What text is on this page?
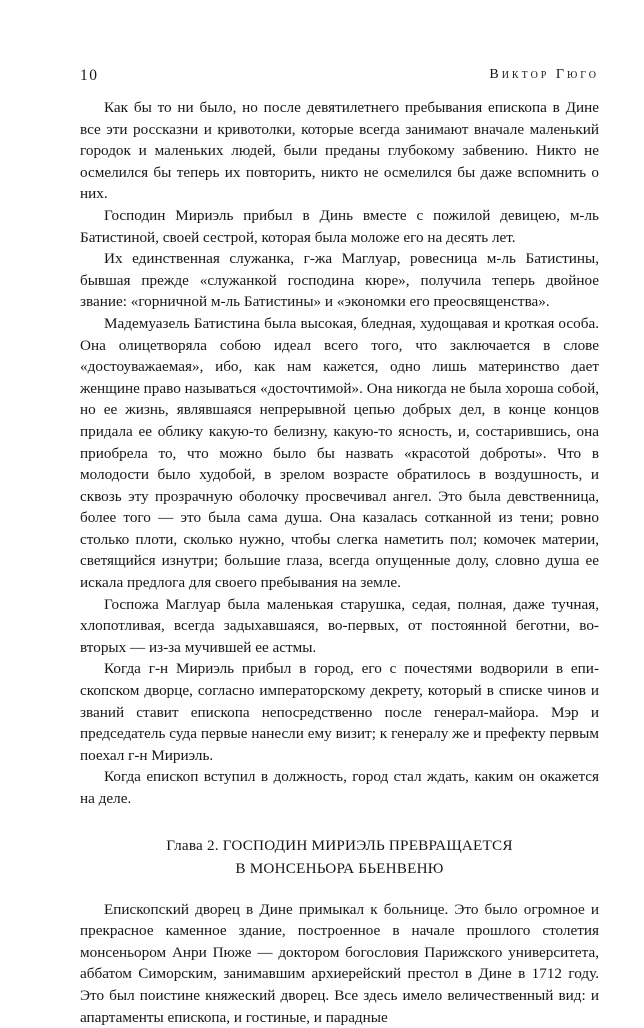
10	Виктор Гюго

Как бы то ни было, но после девятилетнего пребывания епископа в Дине все эти россказни и кривотолки, которые всегда занимают вначале маленький городок и маленьких людей, были преданы глубокому забвению. Никто не осмелился бы теперь их повторить, никто не осмелился бы даже вспомнить о них.

Господин Мириэль прибыл в Динь вместе с пожилой девицею, м-ль Батистиной, своей сестрой, которая была моложе его на десять лет.

Их единственная служанка, г-жа Маглуар, ровесница м-ль Батистины, бывшая прежде «служанкой господина кюре», получила теперь двойное звание: «горничной м-ль Батистины» и «экономки его преосвященства».

Мадемуазель Батистина была высокая, бледная, худощавая и кроткая особа. Она олицетворяла собою идеал всего того, что заключается в слове «достоуважаемая», ибо, как нам кажется, одно лишь материнство дает женщине право называться «досточтимой». Она никогда не была хороша собой, но ее жизнь, являвшаяся непрерывной цепью добрых дел, в конце концов придала ее облику какую-то белизну, какую-то ясность, и, состарившись, она приобрела то, что можно было бы назвать «красотой доброты». Что в молодости было худобой, в зрелом возрасте обратилось в воздушность, и сквозь эту прозрачную оболочку просвечивал ангел. Это была девственница, более того — это была сама душа. Она казалась сотканной из тени; ровно столько плоти, сколько нужно, чтобы слегка наметить пол; комочек материи, светящийся изнутри; большие глаза, всегда опущенные долу, словно душа ее искала предлога для своего пребывания на земле.

Госпожа Маглуар была маленькая старушка, седая, полная, даже тучная, хлопотливая, всегда задыхавшаяся, во-первых, от постоянной беготни, во-вторых — из-за мучившей ее астмы.

Когда г-н Мириэль прибыл в город, его с почестями водворили в епископском дворце, согласно императорскому декрету, который в списке чинов и званий ставит епископа непосредственно после генерал-майора. Мэр и председатель суда первые нанесли ему визит; к генералу же и префекту первым поехал г-н Мириэль.

Когда епископ вступил в должность, город стал ждать, каким он окажется на деле.

Глава 2. ГОСПОДИН МИРИЭЛЬ ПРЕВРАЩАЕТСЯ
В МОНСЕНЬОРА БЬЕНВЕНЮ

Епископский дворец в Дине примыкал к больнице. Это было огромное и прекрасное каменное здание, построенное в начале прошлого столетия монсеньором Анри Пюже — доктором богословия Парижского университета, аббатом Симорским, занимавшим архиерейский престол в Дине в 1712 году. Это был поистине княжеский дворец. Все здесь имело величественный вид: и апартаменты епископа, и гостиные, и парадные
